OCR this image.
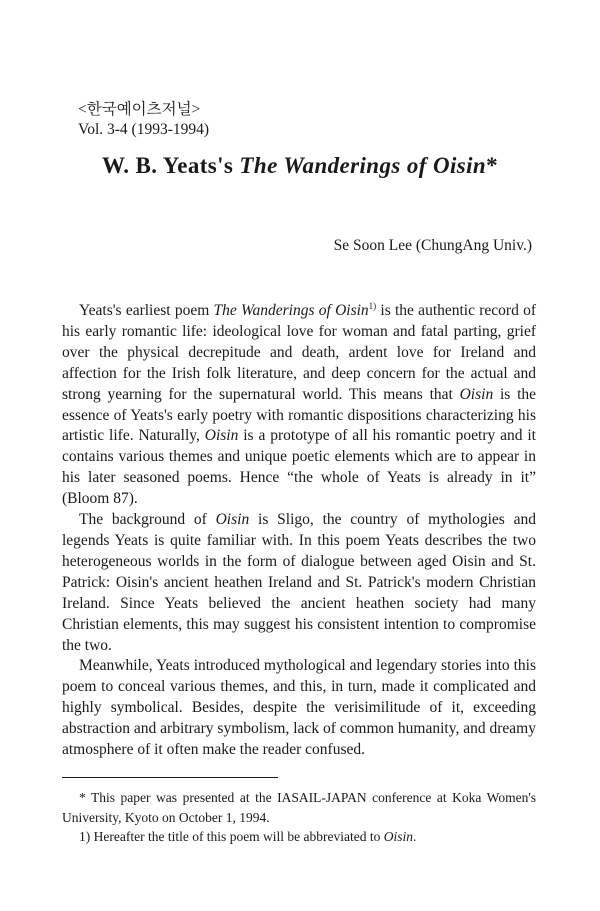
<한국예이츠저널>
Vol. 3-4 (1993-1994)
W. B. Yeats's The Wanderings of Oisin*
Se Soon Lee (ChungAng Univ.)

Yeats's earliest poem The Wanderings of Oisin$^{1)}$ is the authentic record of his early romantic life: ideological love for woman and fatal parting, grief over the physical decrepitude and death, ardent love for Ireland and affection for the Irish folk literature, and deep concern for the actual and strong yearning for the supernatural world. This means that Oisin is the essence of Yeats's early poetry with romantic dispositions characterizing his artistic life. Naturally, Oisin is a prototype of all his romantic poetry and it contains various themes and unique poetic elements which are to appear in his later seasoned poems. Hence “the whole of Yeats is already in it” (Bloom 87).

The background of Oisin is Sligo, the country of mythologies and legends Yeats is quite familiar with. In this poem Yeats describes the two heterogeneous worlds in the form of dialogue between aged Oisin and St. Patrick: Oisin's ancient heathen Ireland and St. Patrick's modern Christian Ireland. Since Yeats believed the ancient heathen society had many Christian elements, this may suggest his consistent intention to compromise the two.

Meanwhile, Yeats introduced mythological and legendary stories into this poem to conceal various themes, and this, in turn, made it complicated and highly symbolical. Besides, despite the verisimilitude of it, exceeding abstraction and arbitrary symbolism, lack of common humanity, and dreamy atmosphere of it often make the reader confused.

* This paper was presented at the IASAIL-JAPAN conference at Koka Women's University, Kyoto on October 1, 1994.

1) Hereafter the title of this poem will be abbreviated to Oisin.
